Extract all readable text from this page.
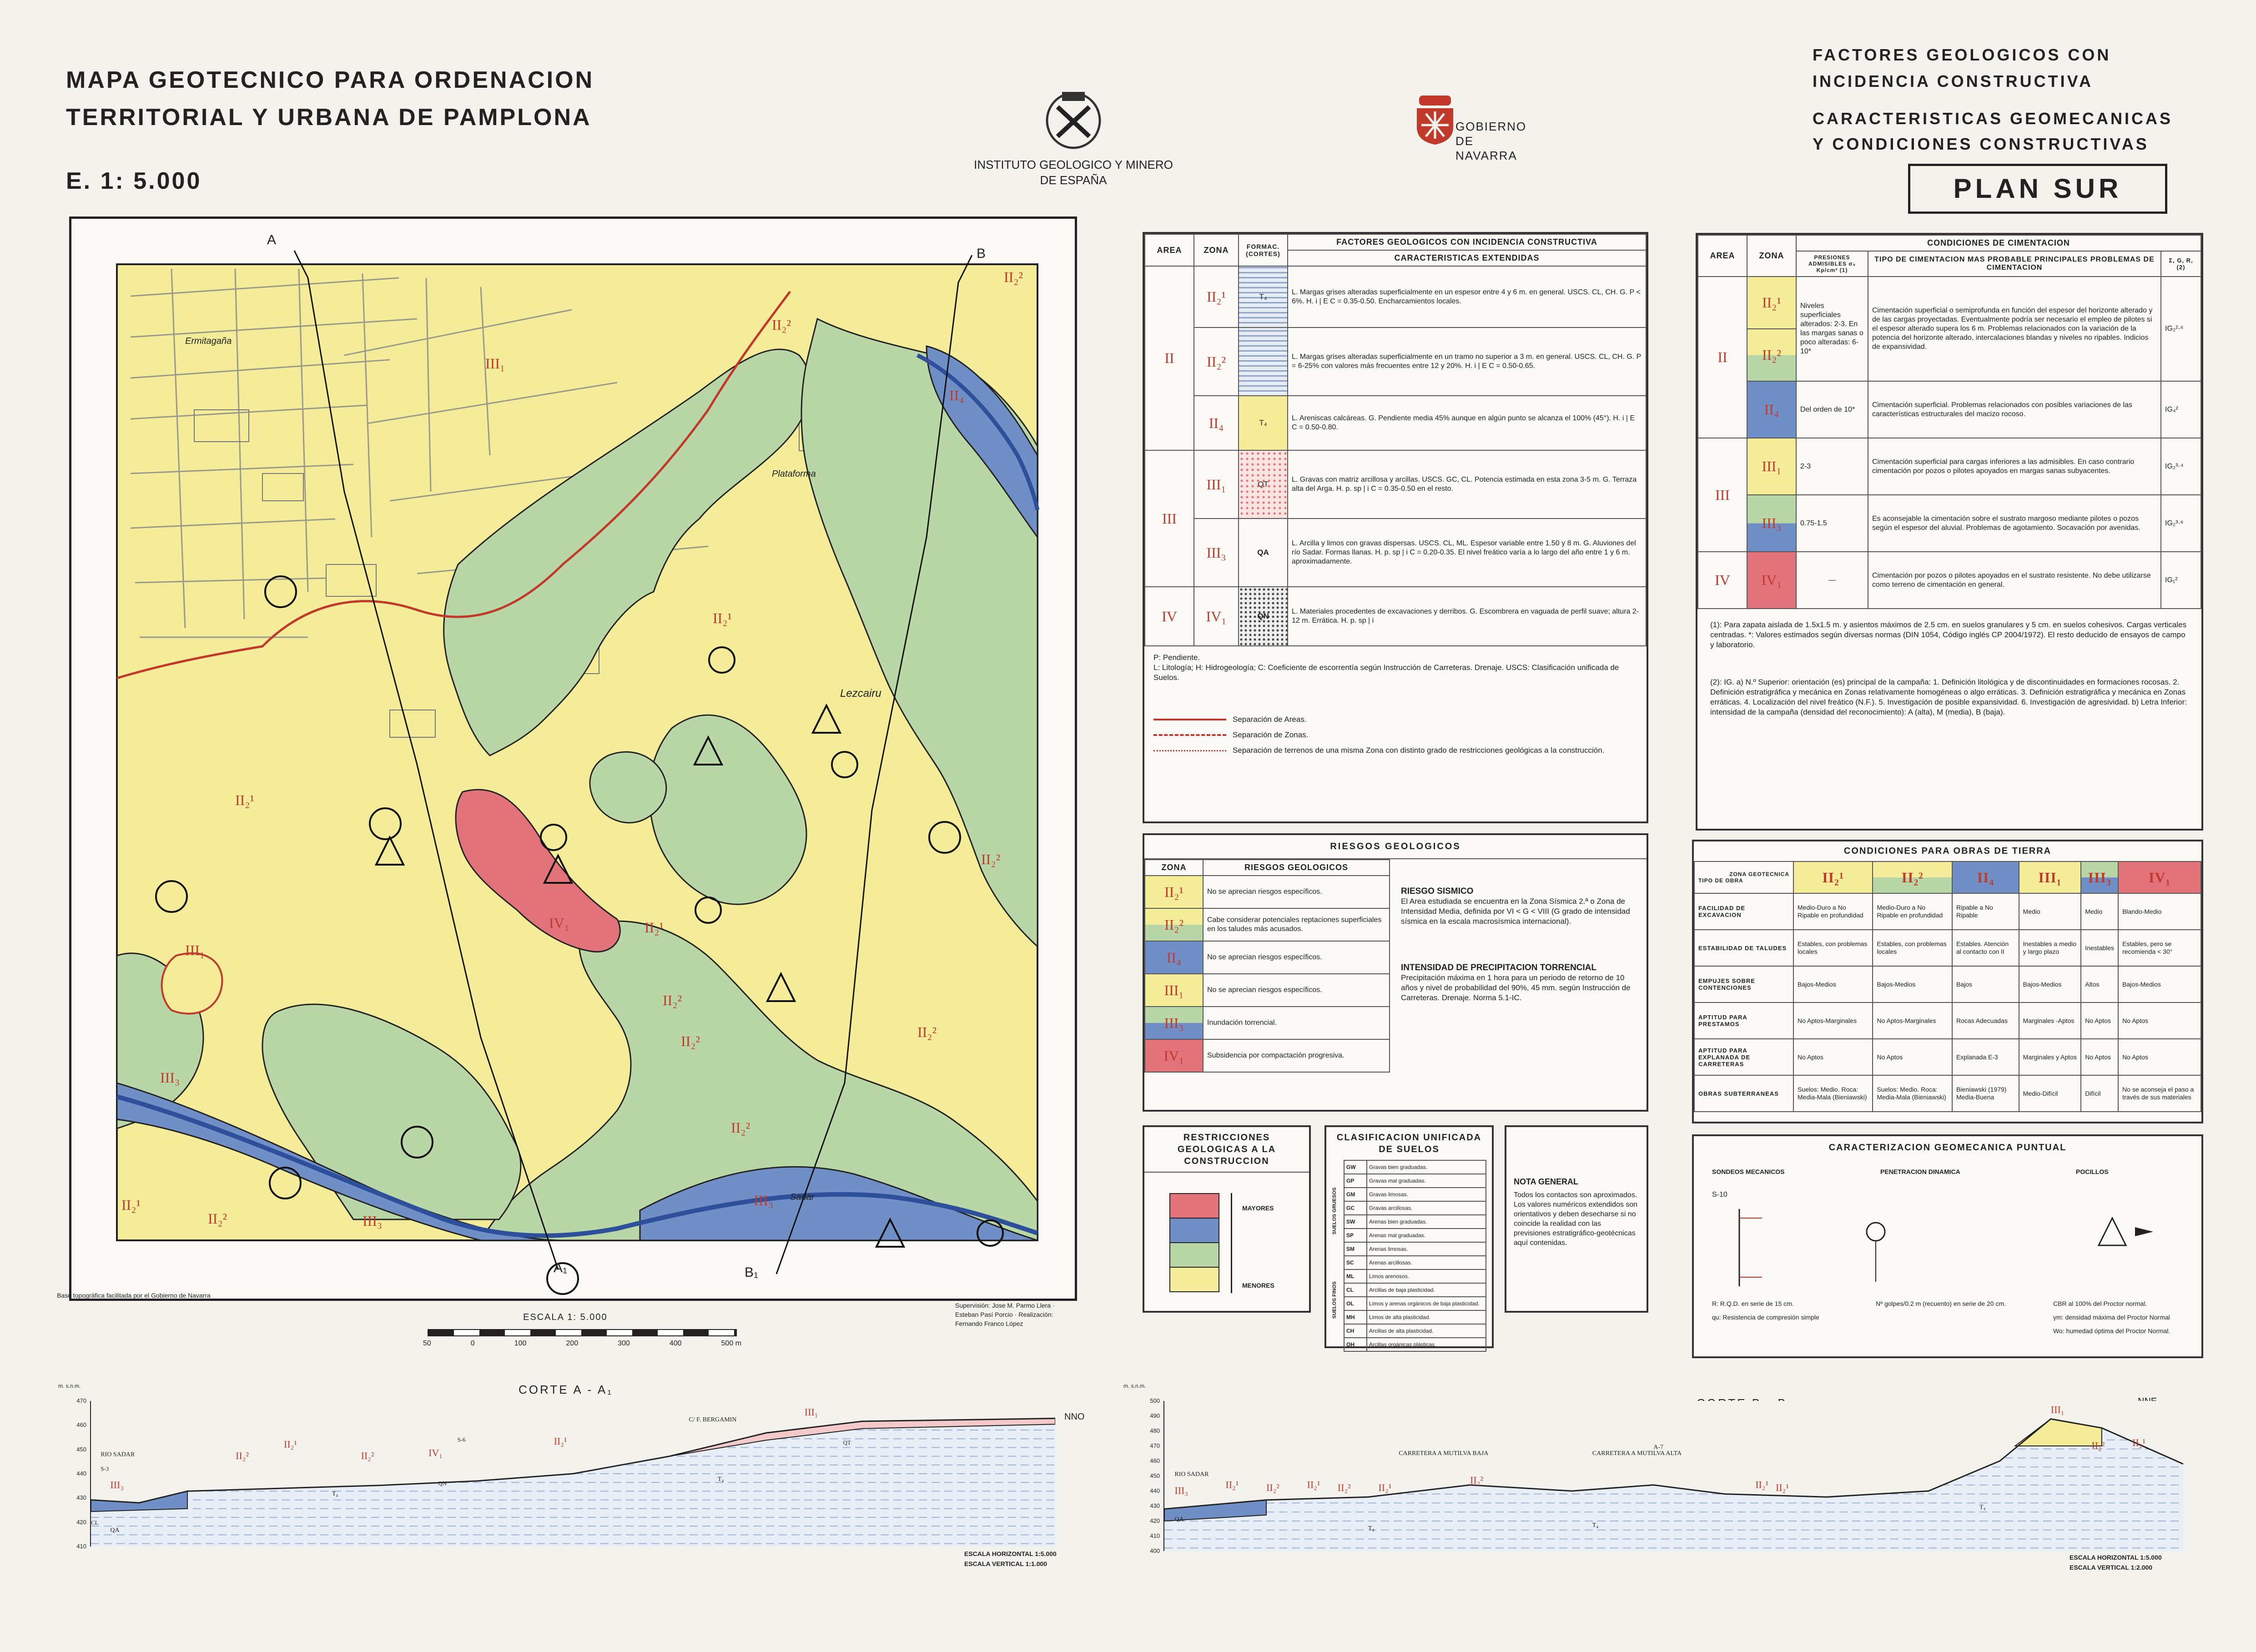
MAPA GEOTECNICO PARA ORDENACION
TERRITORIAL Y URBANA DE PAMPLONA
E. 1: 5.000
INSTITUTO GEOLOGICO Y MINERO DE ESPAÑA
GOBIERNO DE NAVARRA
FACTORES GEOLOGICOS CON
INCIDENCIA CONSTRUCTIVA
CARACTERISTICAS GEOMECANICAS
Y CONDICIONES CONSTRUCTIVAS
PLAN SUR
III₁
II₂²
II₄
II₂¹
IV₁	II₂¹
II₂²
II₂²
II₂²
II₂²
III₁
II₂¹
III₃
III₃
III₃
II₂²
II₂²
II₂¹
II₂²
A
B
A₁	B₁
Ermitagaña
Lezcairu
Plataforma
Sadar
Base topográfica facilitada por el Gobierno de Navarra
Supervisión: Jose M. Parmo Llera · Esteban Pasí Porcio · Realización: Fernando Franco López
ESCALA 1: 5.000
50	0	100	200	300	400	500 m
AREA	ZONA	FORMAC. (CORTES)	FACTORES GEOLOGICOS CON INCIDENCIA CONSTRUCTIVA
			CARACTERISTICAS EXTENDIDAS
II	II₂¹	T₄	L. Margas grises alteradas superficialmente en un espesor entre 4 y 6 m. en general. USCS. CL, CH. G. P < 6%. H. i | E C = 0.35-0.50. Encharcamientos locales.
	II₂²		L. Margas grises alteradas superficialmente en un tramo no superior a 3 m. en general. USCS. CL, CH. G. P = 6-25% con valores más frecuentes entre 12 y 20%. H. i | E C = 0.50-0.65.
	II₄	T₄	L. Areniscas calcáreas. G. Pendiente media 45% aunque en algún punto se alcanza el 100% (45°). H. i | E C = 0.50-0.80.
III	III₁	QT	L. Gravas con matriz arcillosa y arcillas. USCS. GC, CL. Potencia estimada en esta zona 3-5 m. G. Terraza alta del Arga. H. p. sp | i C = 0.35-0.50 en el resto.
	III₃	QA	L. Arcilla y limos con gravas dispersas. USCS. CL, ML. Espesor variable entre 1.50 y 8 m. G. Aluviones del río Sadar. Formas llanas. H. p. sp | i C = 0.20-0.35. El nivel freático varía a lo largo del año entre 1 y 6 m. aproximadamente.
IV	IV₁	QN	L. Materiales procedentes de excavaciones y derribos. G. Escombrera en vaguada de perfil suave; altura 2-12 m. Errática. H. p. sp | i
P: Pendiente.
L: Litología; H: Hidrogeología; C: Coeficiente de escorrentía según Instrucción de Carreteras. Drenaje. USCS: Clasificación unificada de Suelos.
Separación de Areas.
Separación de Zonas.
Separación de terrenos de una misma Zona con distinto grado de restricciones geológicas a la construcción.
RIESGOS GEOLOGICOS
ZONA	RIESGOS GEOLOGICOS
II₂¹	No se aprecian riesgos específicos.
II₂²	Cabe considerar potenciales reptaciones superficiales en los taludes más acusados.
II₄	No se aprecian riesgos específicos.
III₁	No se aprecian riesgos específicos.
III₃	Inundación torrencial.
IV₁	Subsidencia por compactación progresiva.
RIESGO SISMICO
El Area estudiada se encuentra en la Zona Sísmica 2.ª o Zona de Intensidad Media, definida por VI < G < VIII (G grado de intensidad sísmica en la escala macrosísmica internacional).
INTENSIDAD DE PRECIPITACION TORRENCIAL
Precipitación máxima en 1 hora para un periodo de retorno de 10 años y nivel de probabilidad del 90%, 45 mm. según Instrucción de Carreteras. Drenaje. Norma 5.1-IC.
RESTRICCIONES GEOLOGICAS A LA CONSTRUCCION
MAYORES
MENORES
CLASIFICACION UNIFICADA DE SUELOS
SUELOS GRUESOS
SUELOS FINOS
GW	Gravas bien graduadas.
GP	Gravas mal graduadas.
GM	Gravas limosas.
GC	Gravas arcillosas.
SW	Arenas bien graduadas.
SP	Arenas mal graduadas.
SM	Arenas limosas.
SC	Arenas arcillosas.
ML	Limos arenosos.
CL	Arcillas de baja plasticidad.
OL	Limos y arenas orgánicos de baja plasticidad.
MH	Limos de alta plasticidad.
CH	Arcillas de alta plasticidad.
OH	Arcillas orgánicas plásticas.
NOTA GENERAL
Todos los contactos son aproximados. Los valores numéricos extendidos son orientativos y deben desecharse si no coincide la realidad con las previsiones estratigráfico-geotécnicas aquí contenidas.
AREA	ZONA	CONDICIONES DE CIMENTACION		
		PRESIONES ADMISIBLES σ₀ Kp/cm² (1)	TIPO DE CIMENTACION MAS PROBABLE PRINCIPALES PROBLEMAS DE CIMENTACION	Σ, G, R, (2)
II	II₂¹	Niveles superficiales alterados: 2-3. En las margas sanas o poco alteradas: 6-10*	Cimentación superficial o semiprofunda en función del espesor del horizonte alterado y de las cargas proyectadas. Eventualmente podría ser necesario el empleo de pilotes si el espesor alterado supera los 6 m. Problemas relacionados con la variación de la potencia del horizonte alterado, intercalaciones blandas y niveles no ripables. Indicios de expansividad.	IG₂²·⁶
	II₂²			
	II₄	Del orden de 10*	Cimentación superficial. Problemas relacionados con posibles variaciones de las características estructurales del macizo rocoso.	IG₄²
III	III₁	2-3	Cimentación superficial para cargas inferiores a las admisibles. En caso contrario cimentación por pozos o pilotes apoyados en margas sanas subyacentes.	IG₂³·⁴
	III₃	0.75-1.5	Es aconsejable la cimentación sobre el sustrato margoso mediante pilotes o pozos según el espesor del aluvial. Problemas de agotamiento. Socavación por avenidas.	IG₂³·⁶
IV	IV₁	—	Cimentación por pozos o pilotes apoyados en el sustrato resistente. No debe utilizarse como terreno de cimentación en general.	IG₁²
(1): Para zapata aislada de 1.5x1.5 m. y asientos máximos de 2.5 cm. en suelos granulares y 5 cm. en suelos cohesivos. Cargas verticales centradas. *: Valores estimados según diversas normas (DIN 1054, Código inglés CP 2004/1972). El resto deducido de ensayos de campo y laboratorio.
(2): IG. a) N.º Superior: orientación (es) principal de la campaña: 1. Definición litológica y de discontinuidades en formaciones rocosas. 2. Definición estratigráfica y mecánica en Zonas relativamente homogéneas o algo erráticas. 3. Definición estratigráfica y mecánica en Zonas erráticas. 4. Localización del nivel freático (N.F.). 5. Investigación de posible expansividad. 6. Investigación de agresividad. b) Letra Inferior: intensidad de la campaña (densidad del reconocimiento): A (alta), M (media), B (baja).
CONDICIONES PARA OBRAS DE TIERRA
ZONA GEOTECNICA
TIPO DE OBRA	II₂¹	II₂²	II₄	III₁	III₃	IV₁
FACILIDAD DE EXCAVACION	Medio-Duro a No Ripable en profundidad	Medio-Duro a No Ripable en profundidad	Ripable a No Ripable	Medio	Medio	Blando-Medio
ESTABILIDAD DE TALUDES	Estables, con problemas locales	Estables, con problemas locales	Estables. Atención al contacto con II	Inestables a medio y largo plazo	Inestables	Estables, pero se recomienda < 30°
EMPUJES SOBRE CONTENCIONES	Bajos-Medios	Bajos-Medios	Bajos	Bajos-Medios	Altos	Bajos-Medios
APTITUD PARA PRESTAMOS	No Aptos-Marginales	No Aptos-Marginales	Rocas Adecuadas	Marginales -Aptos	No Aptos	No Aptos
APTITUD PARA EXPLANADA DE CARRETERAS	No Aptos	No Aptos	Explanada E-3	Marginales y Aptos	No Aptos	No Aptos
OBRAS SUBTERRANEAS	Suelos: Medio. Roca: Media-Mala (Bieniawski)	Suelos: Medio. Roca: Media-Mala (Bieniawski)	Bieniawski (1979) Media-Buena	Medio-Difícil	Difícil	No se aconseja el paso a través de sus materiales
CARACTERIZACION GEOMECANICA PUNTUAL
SONDEOS MECANICOS	PENETRACION DINAMICA	POCILLOS
S-10
R: R.Q.D. en serie de 15 cm.
qu: Resistencia de compresión simple
Nº golpes/0.2 m (recuento) en serie de 20 cm.	CBR al 100% del Proctor normal.
γm: densidad máxima del Proctor Normal
Wo: humedad óptima del Proctor Normal.
m. s.n.m.	CORTE A - A₁
NNO
470
460
450
440
430
420
410
RIO SADAR
S-3
III₃
QA
CL
II₂²
II₂¹
II₂²	IV₁
S-6
QN
II₂¹
C/ F. BERGAMIN
III₁
QT
T₄
T₄
ESCALA HORIZONTAL 1:5.000
ESCALA VERTICAL 1:1.000
m. s.n.m.
500
490
480
470
460
450
440
430
420
410
400
RIO SADAR
III₃
II₂¹	II₂²	II₂¹ II₂²	II₂¹
CARRETERA A MUTILVA BAJA
II₂²
CARRETERA A MUTILVA ALTA
A-7
II₂¹ II₂¹
III₁
II₂²	II₂¹
QA
T₄	T₄
T₄
ESCALA HORIZONTAL 1:5.000
ESCALA VERTICAL 1:2.000
